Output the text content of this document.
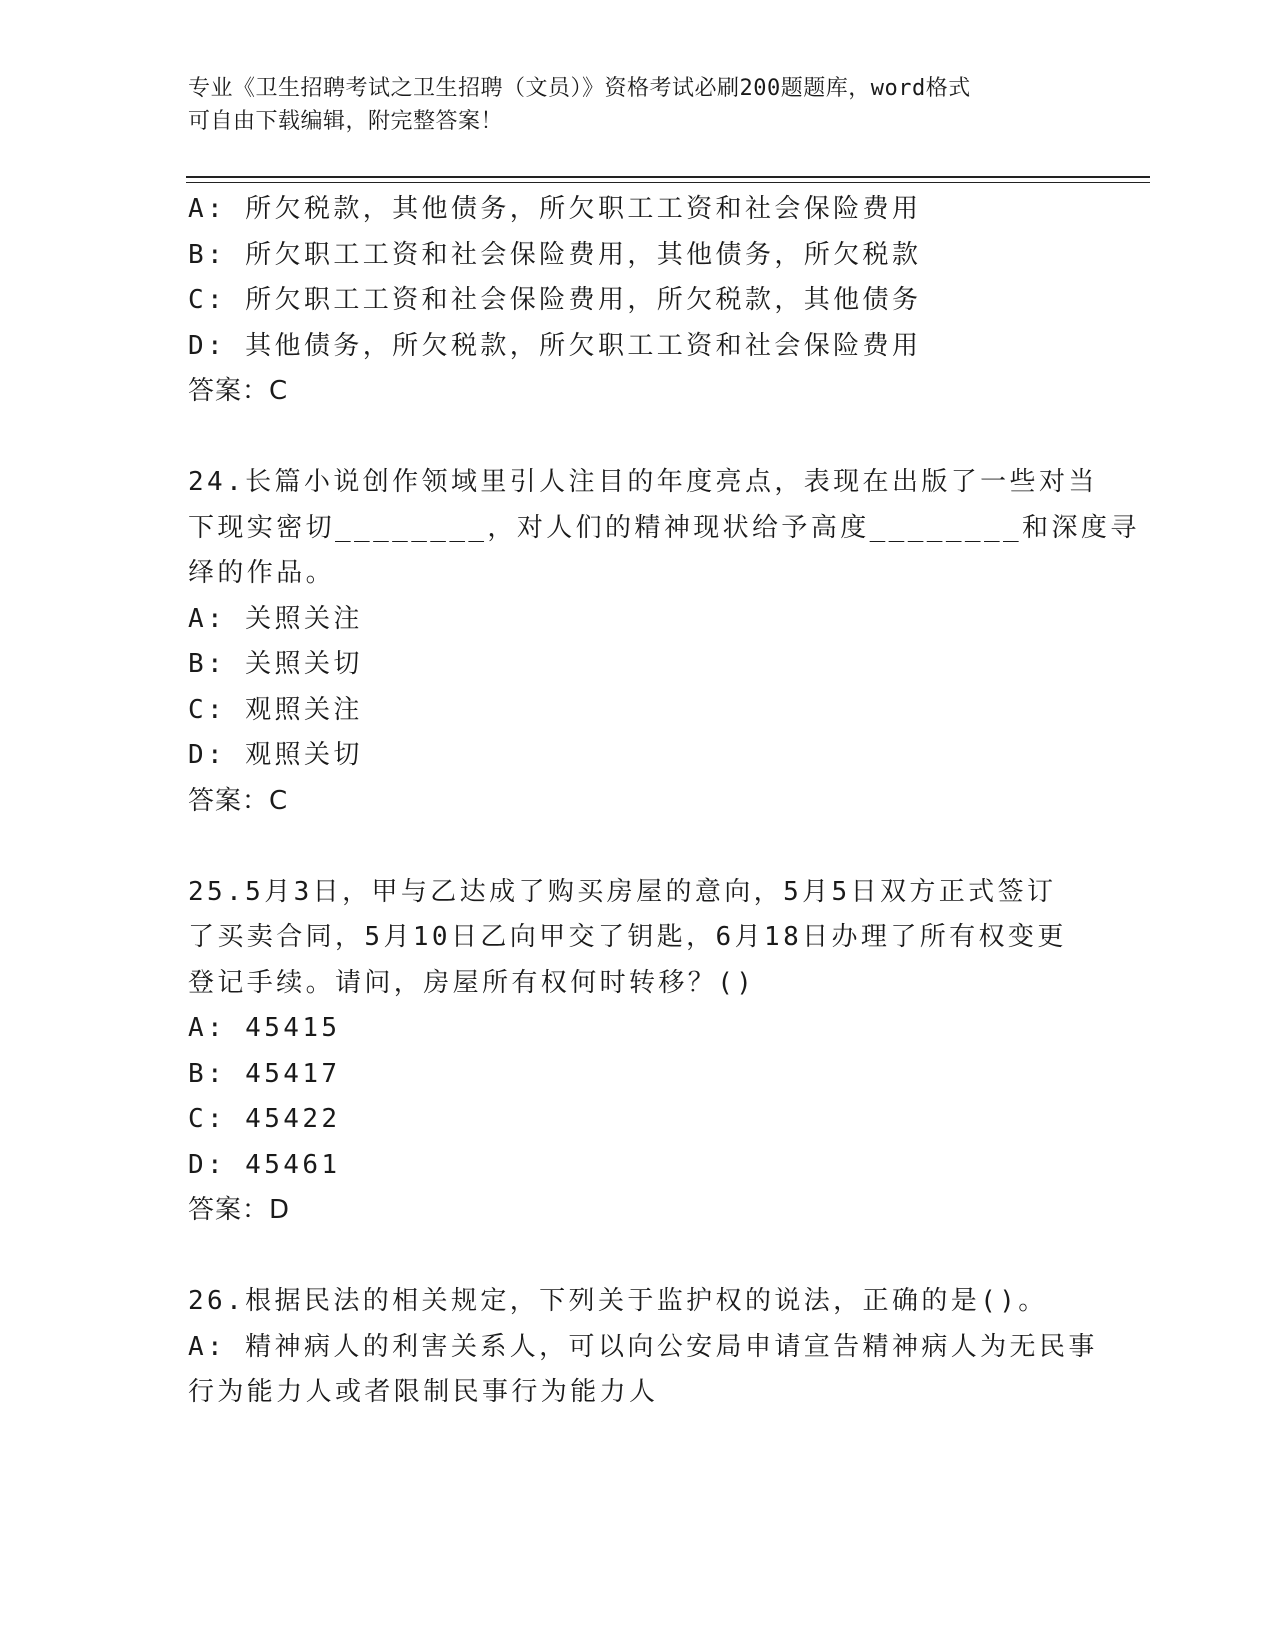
专业《卫生招聘考试之卫生招聘（文员）》资格考试必刷200题题库，word格式
可自由下载编辑，附完整答案！
A: 所欠税款，其他债务，所欠职工工资和社会保险费用
B: 所欠职工工资和社会保险费用，其他债务，所欠税款
C: 所欠职工工资和社会保险费用，所欠税款，其他债务
D: 其他债务，所欠税款，所欠职工工资和社会保险费用
答案：C
24.长篇小说创作领域里引人注目的年度亮点，表现在出版了一些对当
下现实密切________，对人们的精神现状给予高度________和深度寻
绎的作品。
A: 关照关注
B: 关照关切
C: 观照关注
D: 观照关切
答案：C
25.5月3日，甲与乙达成了购买房屋的意向，5月5日双方正式签订
了买卖合同，5月10日乙向甲交了钥匙，6月18日办理了所有权变更
登记手续。请问，房屋所有权何时转移？()
A: 45415
B: 45417
C: 45422
D: 45461
答案：D
26.根据民法的相关规定，下列关于监护权的说法，正确的是()。
A: 精神病人的利害关系人，可以向公安局申请宣告精神病人为无民事
行为能力人或者限制民事行为能力人
